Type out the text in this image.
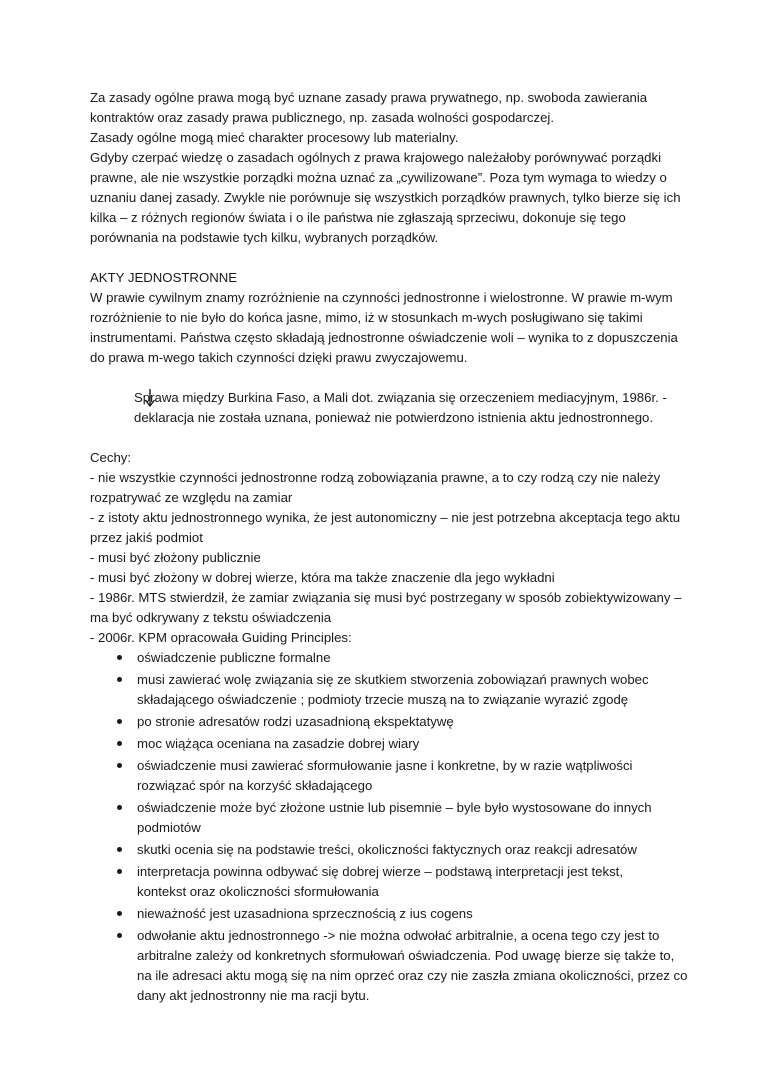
Za zasady ogólne prawa mogą być uznane zasady prawa prywatnego, np. swoboda zawierania
kontraktów oraz zasady prawa publicznego, np. zasada wolności gospodarczej.
Zasady ogólne mogą mieć charakter procesowy lub materialny.
Gdyby czerpać wiedzę o zasadach ogólnych z prawa krajowego należałoby porównywać porządki
prawne, ale nie wszystkie porządki można uznać za „cywilizowane”. Poza tym wymaga to wiedzy o
uznaniu danej zasady. Zwykle nie porównuje się wszystkich porządków prawnych, tylko bierze się ich
kilka – z różnych regionów świata i o ile państwa nie zgłaszają sprzeciwu, dokonuje się tego
porównania na podstawie tych kilku, wybranych porządków.
AKTY JEDNOSTRONNE
W prawie cywilnym znamy rozróżnienie na czynności jednostronne i wielostronne. W prawie m-wym
rozróżnienie to nie było do końca jasne, mimo, iż w stosunkach m-wych posługiwano się takimi
instrumentami. Państwa często składają jednostronne oświadczenie woli – wynika to z dopuszczenia
do prawa m-wego takich czynności dzięki prawu zwyczajowemu.
Sprawa między Burkina Faso, a Mali dot. związania się orzeczeniem mediacyjnym, 1986r. -
deklaracja nie została uznana, ponieważ nie potwierdzono istnienia aktu jednostronnego.
Cechy:
- nie wszystkie czynności jednostronne rodzą zobowiązania prawne, a to czy rodzą czy nie należy
rozpatrywać ze względu na zamiar
- z istoty aktu jednostronnego wynika, że jest autonomiczny – nie jest potrzebna akceptacja tego aktu
przez jakiś podmiot
- musi być złożony publicznie
- musi być złożony w dobrej wierze, która ma także znaczenie dla jego wykładni
- 1986r. MTS stwierdził, że zamiar związania się musi być postrzegany w sposób zobiektywizowany –
ma być odkrywany z tekstu oświadczenia
- 2006r. KPM opracowała Guiding Principles:
oświadczenie publiczne formalne
musi zawierać wolę związania się ze skutkiem stworzenia zobowiązań prawnych wobec
składającego oświadczenie ; podmioty trzecie muszą na to związanie wyrazić zgodę
po stronie adresatów rodzi uzasadnioną ekspektatywę
moc wiążąca oceniana na zasadzie dobrej wiary
oświadczenie musi zawierać sformułowanie jasne i konkretne, by w razie wątpliwości
rozwiązać spór na korzyść składającego
oświadczenie może być złożone ustnie lub pisemnie – byle było wystosowane do innych
podmiotów
skutki ocenia się na podstawie treści, okoliczności faktycznych oraz reakcji adresatów
interpretacja powinna odbywać się dobrej wierze – podstawą interpretacji jest tekst,
kontekst oraz okoliczności sformułowania
nieważność jest uzasadniona sprzecznością z ius cogens
odwołanie aktu jednostronnego -> nie można odwołać arbitralnie, a ocena tego czy jest to
arbitralne zależy od konkretnych sformułowań oświadczenia. Pod uwagę bierze się także to,
na ile adresaci aktu mogą się na nim oprzeć oraz czy nie zaszła zmiana okoliczności, przez co
dany akt jednostronny nie ma racji bytu.
